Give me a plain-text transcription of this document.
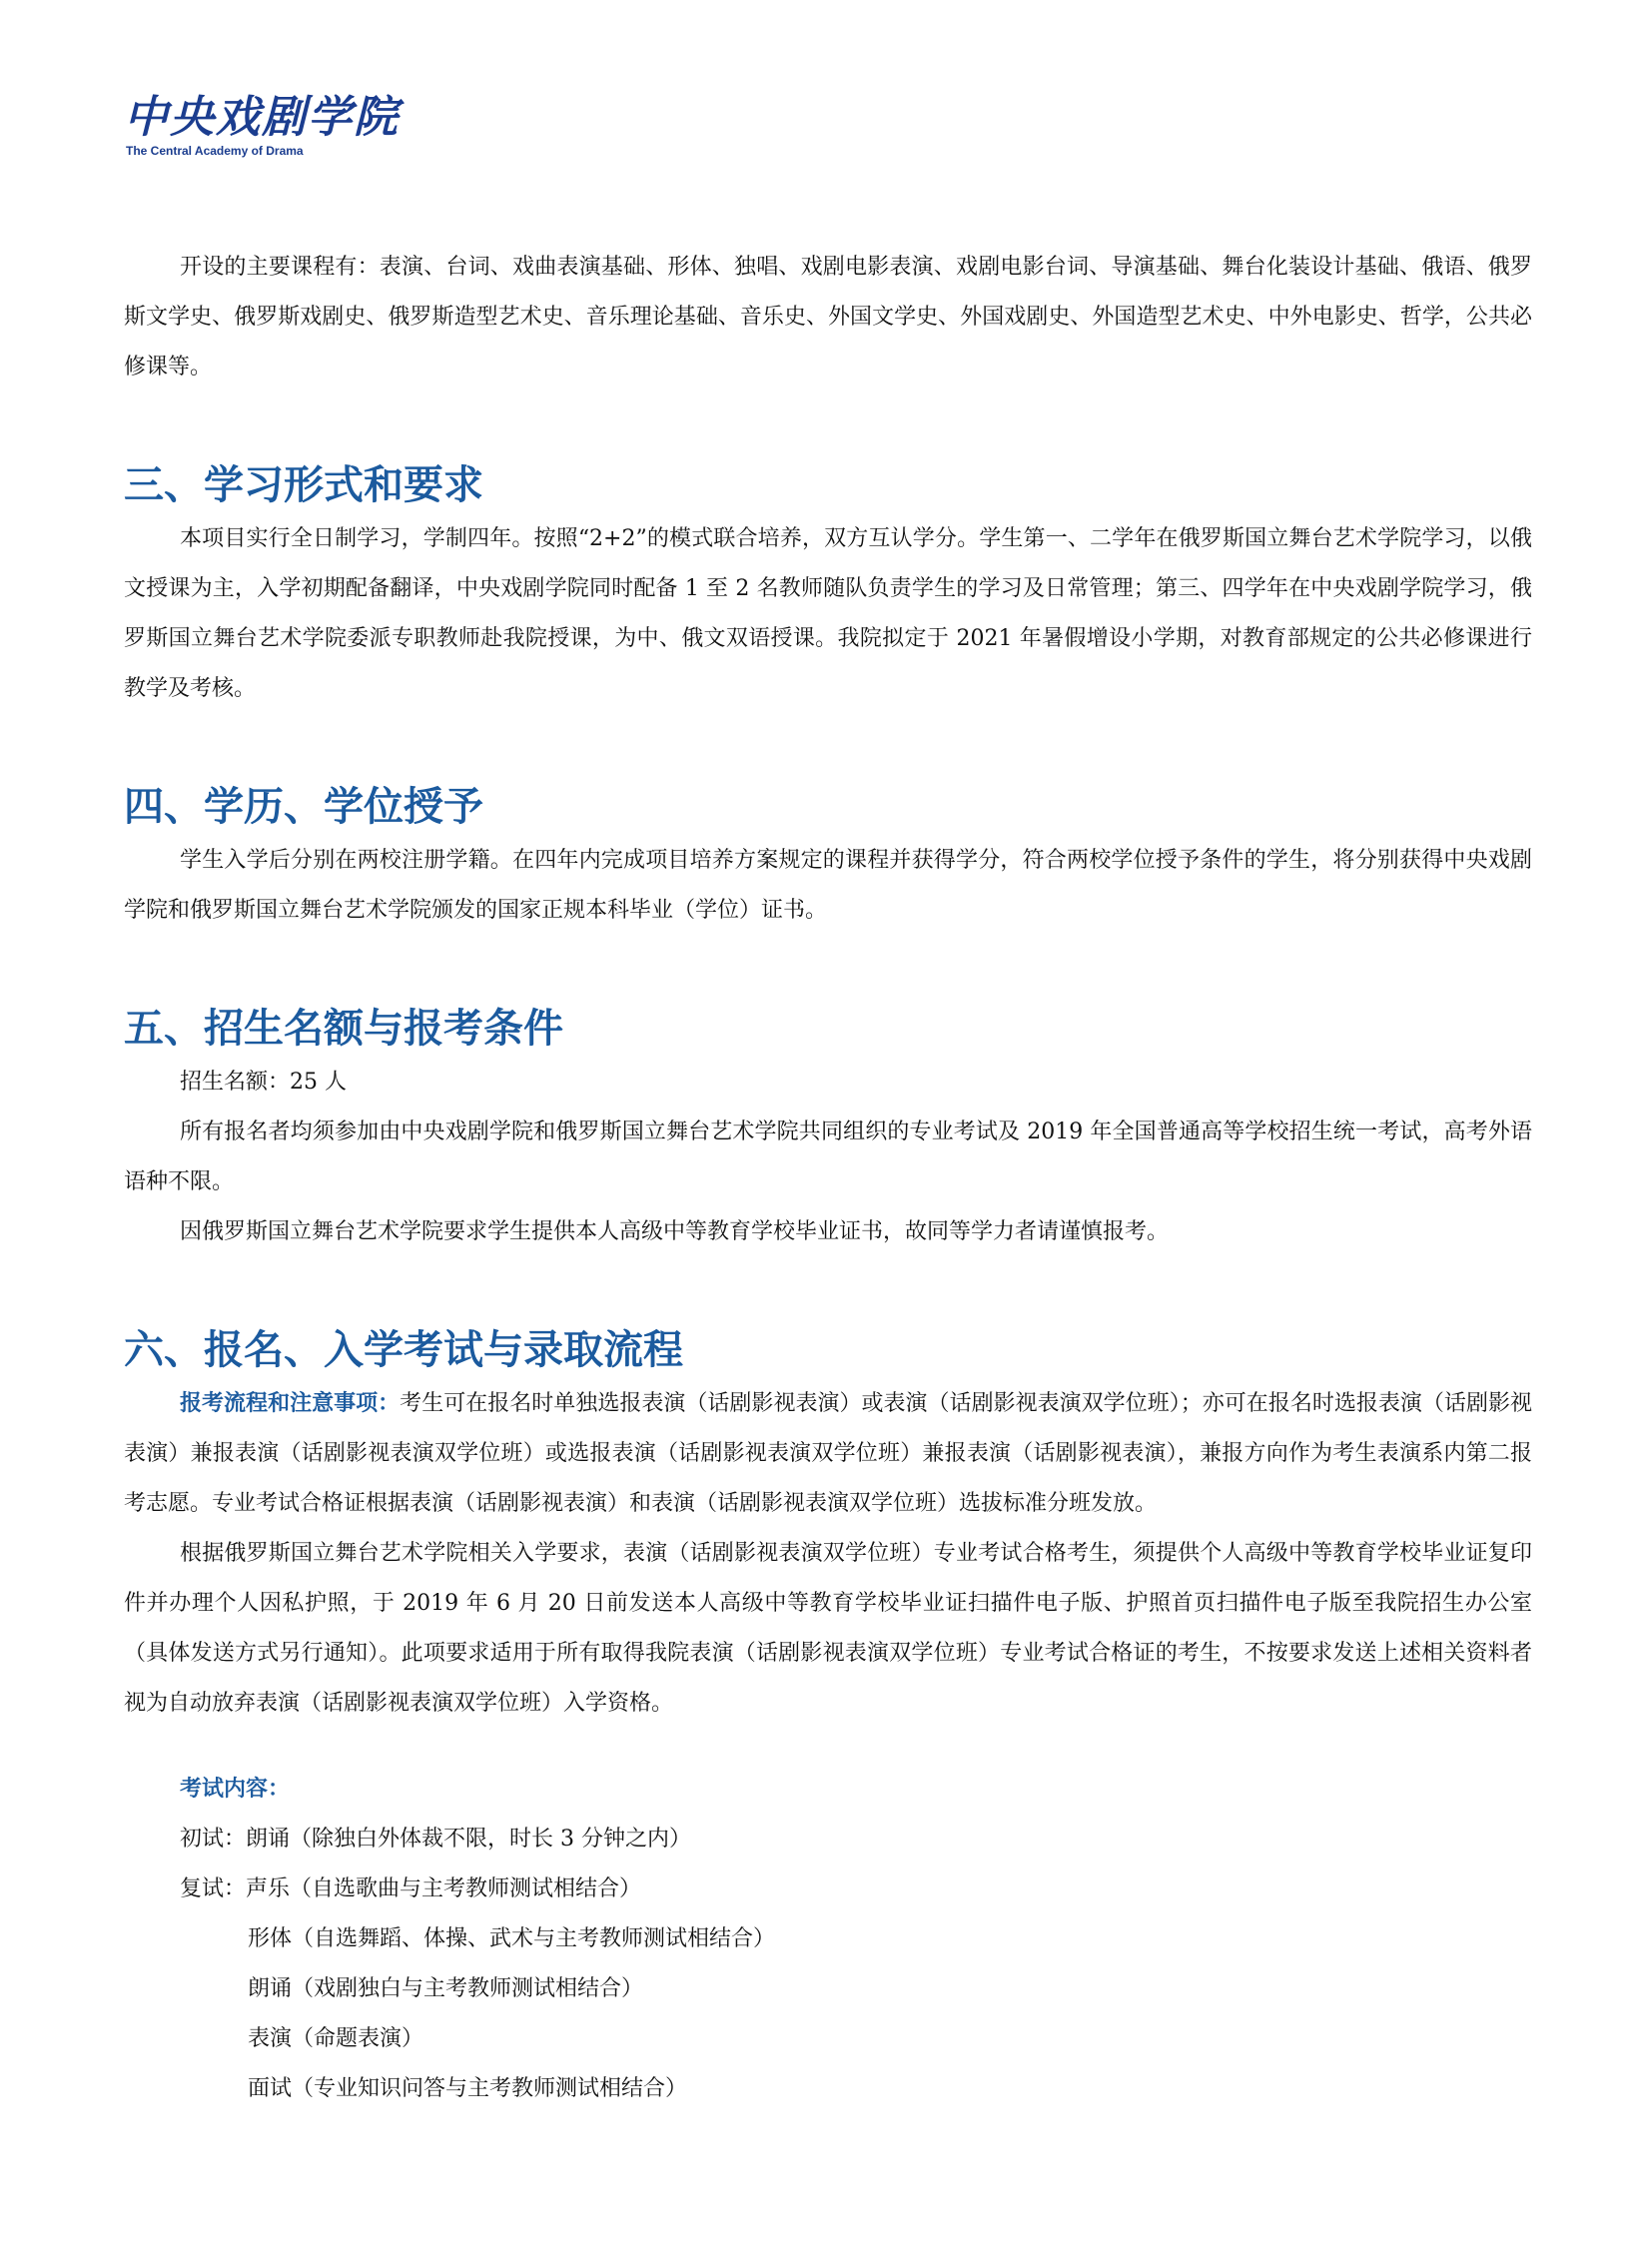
中央戏剧学院
The Central Academy of Drama

开设的主要课程有：表演、台词、戏曲表演基础、形体、独唱、戏剧电影表演、戏剧电影台词、导演基础、舞台化装设计基础、俄语、俄罗斯文学史、俄罗斯戏剧史、俄罗斯造型艺术史、音乐理论基础、音乐史、外国文学史、外国戏剧史、外国造型艺术史、中外电影史、哲学，公共必修课等。

三、学习形式和要求

本项目实行全日制学习，学制四年。按照“2+2”的模式联合培养，双方互认学分。学生第一、二学年在俄罗斯国立舞台艺术学院学习，以俄文授课为主，入学初期配备翻译，中央戏剧学院同时配备 1 至 2 名教师随队负责学生的学习及日常管理；第三、四学年在中央戏剧学院学习，俄罗斯国立舞台艺术学院委派专职教师赴我院授课，为中、俄文双语授课。我院拟定于 2021 年暑假增设小学期，对教育部规定的公共必修课进行教学及考核。

四、学历、学位授予

学生入学后分别在两校注册学籍。在四年内完成项目培养方案规定的课程并获得学分，符合两校学位授予条件的学生，将分别获得中央戏剧学院和俄罗斯国立舞台艺术学院颁发的国家正规本科毕业（学位）证书。

五、招生名额与报考条件

招生名额：25 人

所有报名者均须参加由中央戏剧学院和俄罗斯国立舞台艺术学院共同组织的专业考试及 2019 年全国普通高等学校招生统一考试，高考外语语种不限。

因俄罗斯国立舞台艺术学院要求学生提供本人高级中等教育学校毕业证书，故同等学力者请谨慎报考。

六、报名、入学考试与录取流程

报考流程和注意事项：考生可在报名时单独选报表演（话剧影视表演）或表演（话剧影视表演双学位班）；亦可在报名时选报表演（话剧影视表演）兼报表演（话剧影视表演双学位班）或选报表演（话剧影视表演双学位班）兼报表演（话剧影视表演），兼报方向作为考生表演系内第二报考志愿。专业考试合格证根据表演（话剧影视表演）和表演（话剧影视表演双学位班）选拔标准分班发放。

根据俄罗斯国立舞台艺术学院相关入学要求，表演（话剧影视表演双学位班）专业考试合格考生，须提供个人高级中等教育学校毕业证复印件并办理个人因私护照，于 2019 年 6 月 20 日前发送本人高级中等教育学校毕业证扫描件电子版、护照首页扫描件电子版至我院招生办公室（具体发送方式另行通知）。此项要求适用于所有取得我院表演（话剧影视表演双学位班）专业考试合格证的考生，不按要求发送上述相关资料者视为自动放弃表演（话剧影视表演双学位班）入学资格。

考试内容：
初试：朗诵（除独白外体裁不限，时长 3 分钟之内）
复试：声乐（自选歌曲与主考教师测试相结合）
形体（自选舞蹈、体操、武术与主考教师测试相结合）
朗诵（戏剧独白与主考教师测试相结合）
表演（命题表演）
面试（专业知识问答与主考教师测试相结合）
